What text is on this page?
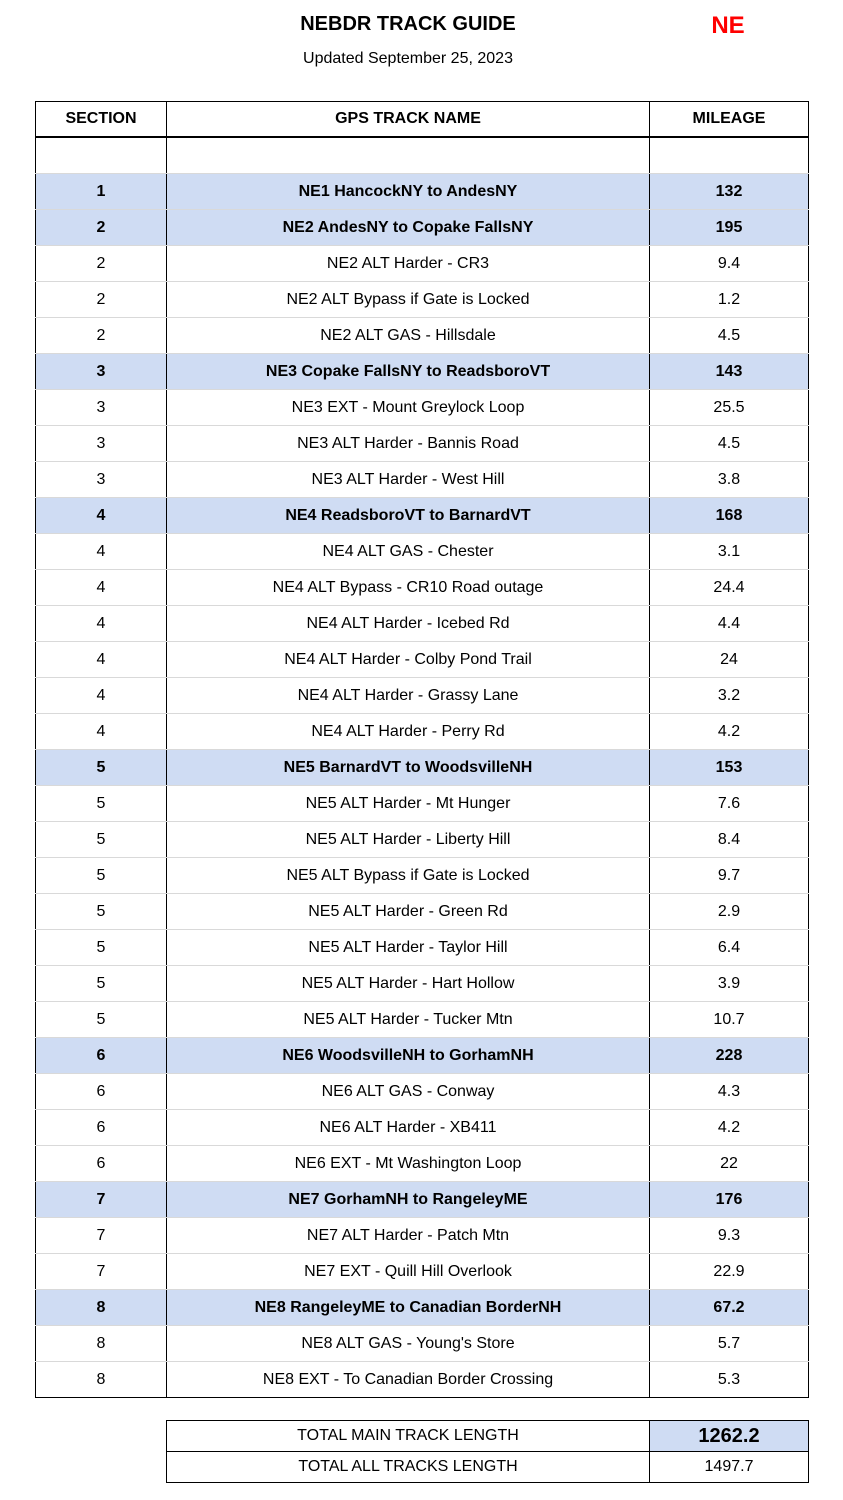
NEBDR TRACK GUIDE	NE
Updated September 25, 2023
SECTION	GPS TRACK NAME	MILEAGE

1	NE1 HancockNY to AndesNY	132
2	NE2 AndesNY to Copake FallsNY	195
2	NE2 ALT Harder - CR3	9.4
2	NE2 ALT Bypass if Gate is Locked	1.2
2	NE2 ALT GAS - Hillsdale	4.5
3	NE3 Copake FallsNY to ReadsboroVT	143
3	NE3 EXT - Mount Greylock Loop	25.5
3	NE3 ALT Harder - Bannis Road	4.5
3	NE3 ALT Harder - West Hill	3.8
4	NE4 ReadsboroVT to BarnardVT	168
4	NE4 ALT GAS - Chester	3.1
4	NE4 ALT Bypass - CR10 Road outage	24.4
4	NE4 ALT Harder - Icebed Rd	4.4
4	NE4 ALT Harder - Colby Pond Trail	24
4	NE4 ALT Harder - Grassy Lane	3.2
4	NE4 ALT Harder - Perry Rd	4.2
5	NE5 BarnardVT to WoodsvilleNH	153
5	NE5 ALT Harder - Mt Hunger	7.6
5	NE5 ALT Harder - Liberty Hill	8.4
5	NE5 ALT Bypass if Gate is Locked	9.7
5	NE5 ALT Harder - Green Rd	2.9
5	NE5 ALT Harder - Taylor Hill	6.4
5	NE5 ALT Harder - Hart Hollow	3.9
5	NE5 ALT Harder - Tucker Mtn	10.7
6	NE6 WoodsvilleNH to GorhamNH	228
6	NE6 ALT GAS - Conway	4.3
6	NE6 ALT Harder - XB411	4.2
6	NE6 EXT - Mt Washington Loop	22
7	NE7 GorhamNH to RangeleyME	176
7	NE7 ALT Harder - Patch Mtn	9.3
7	NE7 EXT - Quill Hill Overlook	22.9
8	NE8 RangeleyME to Canadian BorderNH	67.2
8	NE8 ALT GAS - Young's Store	5.7
8	NE8 EXT - To Canadian Border Crossing	5.3
TOTAL MAIN TRACK LENGTH	1262.2
TOTAL ALL TRACKS LENGTH	1497.7
